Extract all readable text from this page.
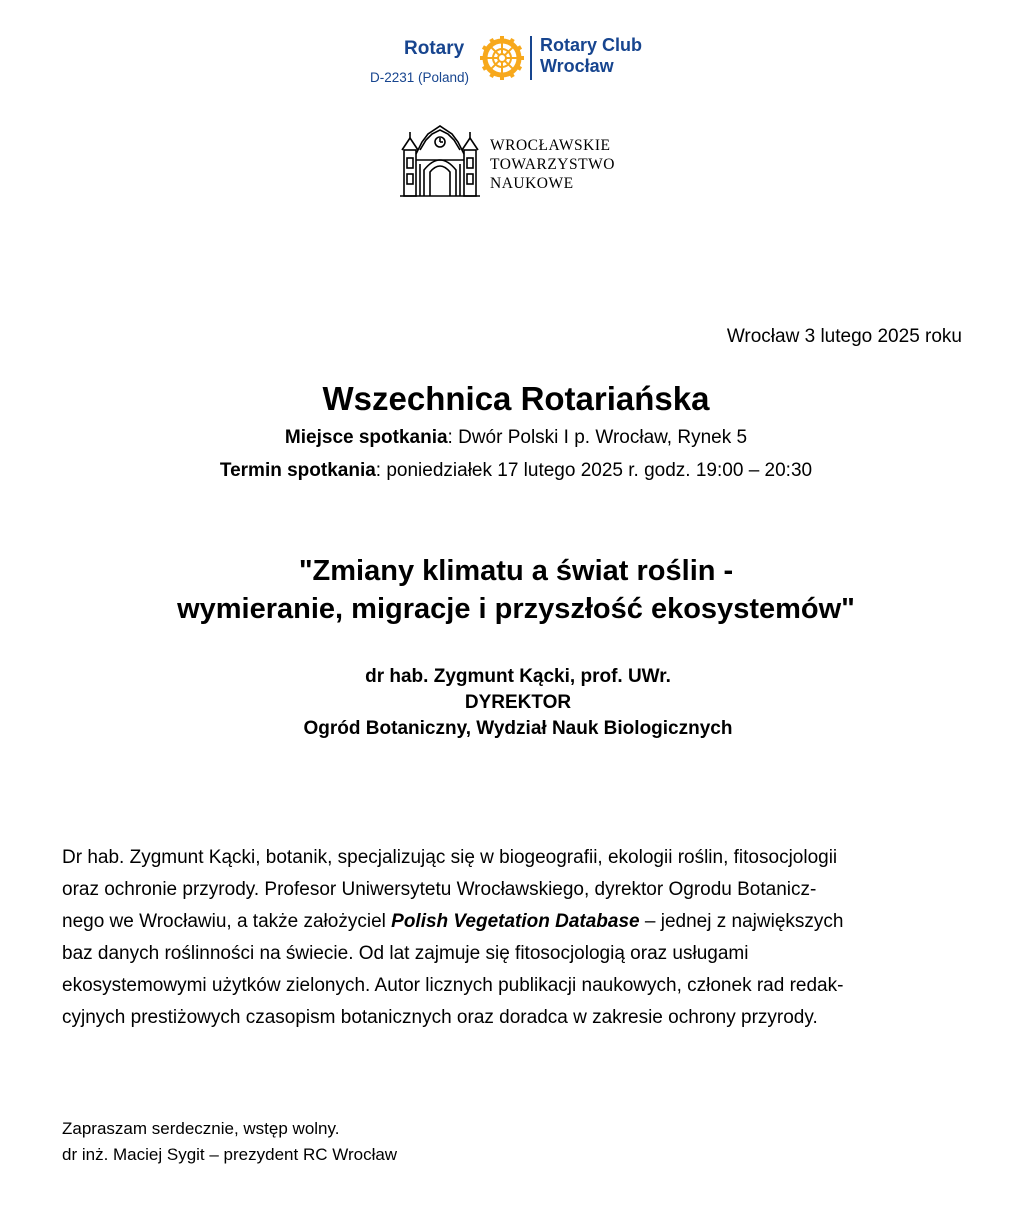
Rotary
D-2231 (Poland)
Rotary Club
Wrocław
WROCŁAWSKIE
TOWARZYSTWO
NAUKOWE
Wrocław 3 lutego 2025 roku
Wszechnica Rotariańska
Miejsce spotkania: Dwór Polski I p. Wrocław, Rynek 5
Termin spotkania: poniedziałek 17 lutego 2025 r. godz. 19:00 – 20:30
"Zmiany klimatu a świat roślin -
wymieranie, migracje i przyszłość ekosystemów"
dr hab. Zygmunt Kącki, prof. UWr.
DYREKTOR
Ogród Botaniczny, Wydział Nauk Biologicznych
Dr hab. Zygmunt Kącki, botanik, specjalizując się w biogeografii, ekologii roślin, fitosocjologii
oraz ochronie przyrody. Profesor Uniwersytetu Wrocławskiego, dyrektor Ogrodu Botanicz-
nego we Wrocławiu, a także założyciel Polish Vegetation Database – jednej z największych
baz danych roślinności na świecie. Od lat zajmuje się fitosocjologią oraz usługami
ekosystemowymi użytków zielonych. Autor licznych publikacji naukowych, członek rad redak-
cyjnych prestiżowych czasopism botanicznych oraz doradca w zakresie ochrony przyrody.
Zapraszam serdecznie, wstęp wolny.
dr inż. Maciej Sygit – prezydent RC Wrocław
